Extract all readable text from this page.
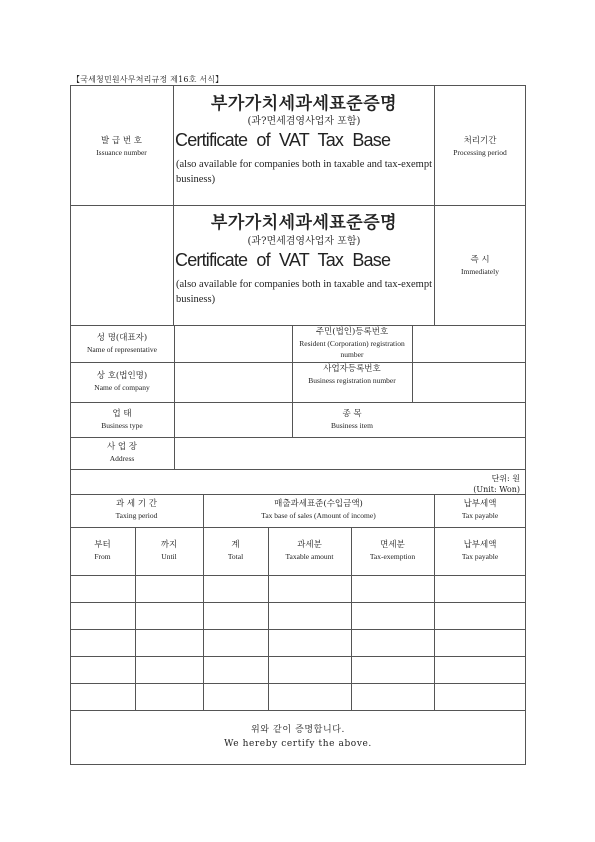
【국세청민원사무처리규정 제16호 서식】
발 급 번 호
Issuance number
부가가치세과세표준증명
(과?면세겸영사업자 포함)
Certificate of VAT Tax Base
(also available for companies both in taxable and tax-exempt business)
처리기간
Processing period
부가가치세과세표준증명
(과?면세겸영사업자 포함)
Certificate of VAT Tax Base
(also available for companies both in taxable and tax-exempt business)
즉 시
Immediately
성 명(대표자)
Name of representative
주민(법인)등록번호
Resident (Corporation) registration number
상 호(법인명)
Name of company
사업자등록번호
Business registration number
업 태
Business type
종 목
Business item
사 업 장
Address
단위: 원
(Unit: Won)
과 세 기 간
Taxing period
매출과세표준(수입금액)
Tax base of sales (Amount of income)
납부세액
Tax payable
부터
From
까지
Until
계
Total
과세분
Taxable amount
면세분
Tax-exemption
납부세액
Tax payable
위와 같이 증명합니다.
We hereby certify the above.
